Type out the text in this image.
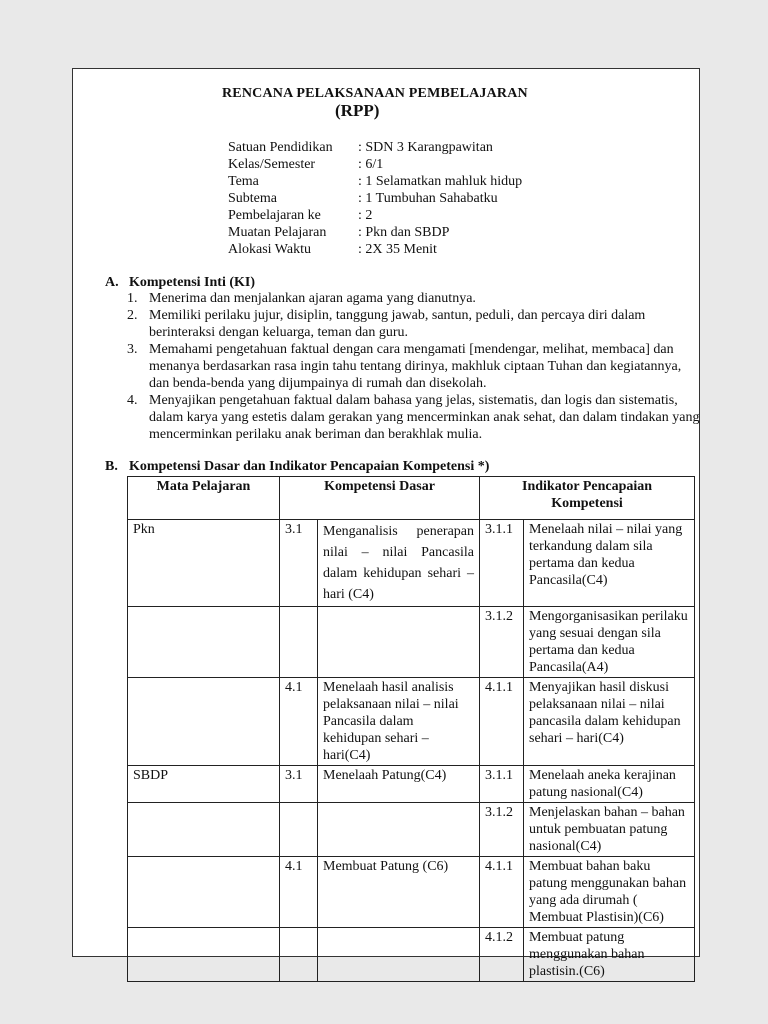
RENCANA PELAKSANAAN PEMBELAJARAN
(RPP)
Satuan Pendidikan : SDN 3 Karangpawitan
Kelas/Semester	: 6/1
Tema	: 1 Selamatkan mahluk hidup
Subtema	: 1 Tumbuhan Sahabatku
Pembelajaran ke	: 2
Muatan Pelajaran : Pkn dan SBDP
Alokasi Waktu	: 2X 35 Menit
A. Kompetensi Inti (KI)
1. Menerima dan menjalankan ajaran agama yang dianutnya.
2. Memiliki perilaku jujur, disiplin, tanggung jawab, santun, peduli, dan percaya diri dalam berinteraksi dengan keluarga, teman dan guru.
3. Memahami pengetahuan faktual dengan cara mengamati [mendengar, melihat, membaca] dan menanya berdasarkan rasa ingin tahu tentang dirinya, makhluk ciptaan Tuhan dan kegiatannya, dan benda-benda yang dijumpainya di rumah dan disekolah.
4. Menyajikan pengetahuan faktual dalam bahasa yang jelas, sistematis, dan logis dan sistematis, dalam karya yang estetis dalam gerakan yang mencerminkan anak sehat, dan dalam tindakan yang mencerminkan perilaku anak beriman dan berakhlak mulia.
B. Kompetensi Dasar dan Indikator Pencapaian Kompetensi *)
Mata Pelajaran	Kompetensi Dasar		Indikator Pencapaian Kompetensi	
Pkn	3.1	Menganalisis penerapan nilai – nilai Pancasila dalam kehidupan sehari – hari (C4)	3.1.1	Menelaah nilai – nilai yang terkandung dalam sila pertama dan kedua Pancasila(C4)
			3.1.2	Mengorganisasikan perilaku yang sesuai dengan sila pertama dan kedua Pancasila(A4)
	4.1	Menelaah hasil analisis pelaksanaan nilai – nilai Pancasila dalam kehidupan sehari – hari(C4)	4.1.1	Menyajikan hasil diskusi pelaksanaan nilai – nilai pancasila dalam kehidupan sehari – hari(C4)
SBDP	3.1	Menelaah Patung(C4)	3.1.1	Menelaah aneka kerajinan patung nasional(C4)
			3.1.2	Menjelaskan bahan – bahan untuk pembuatan patung nasional(C4)
	4.1	Membuat Patung (C6)	4.1.1	Membuat bahan baku patung menggunakan bahan yang ada dirumah ( Membuat Plastisin)(C6)
			4.1.2	Membuat patung menggunakan bahan plastisin.(C6)
